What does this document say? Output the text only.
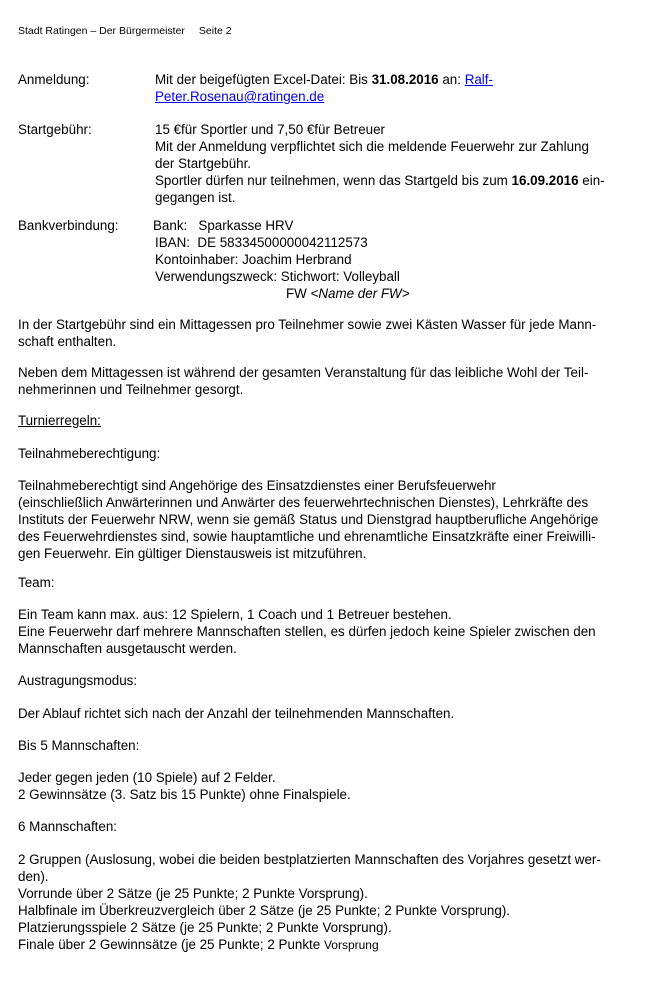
Stadt Ratingen – Der Bürgermeister Seite 2
Anmeldung:	Mit der beigefügten Excel-Datei: Bis 31.08.2016 an: Ralf-
Peter.Rosenau@ratingen.de
Startgebühr:	15 €für Sportler und 7,50 €für Betreuer
Mit der Anmeldung verpflichtet sich die meldende Feuerwehr zur Zahlung
der Startgebühr.
Sportler dürfen nur teilnehmen, wenn das Startgeld bis zum 16.09.2016 ein-
gegangen ist.
Bankverbindung:	Bank:   Sparkasse HRV
IBAN:  DE 58334500000042112573
Kontoinhaber: Joachim Herbrand
Verwendungszweck: Stichwort: Volleyball
FW <Name der FW>
In der Startgebühr sind ein Mittagessen pro Teilnehmer sowie zwei Kästen Wasser für jede Mann-
schaft enthalten.
Neben dem Mittagessen ist während der gesamten Veranstaltung für das leibliche Wohl der Teil-
nehmerinnen und Teilnehmer gesorgt.
Turnierregeln:
Teilnahmeberechtigung:
Teilnahmeberechtigt sind Angehörige des Einsatzdienstes einer Berufsfeuerwehr
(einschließlich Anwärterinnen und Anwärter des feuerwehrtechnischen Dienstes), Lehrkräfte des
Instituts der Feuerwehr NRW, wenn sie gemäß Status und Dienstgrad hauptberufliche Angehörige
des Feuerwehrdienstes sind, sowie hauptamtliche und ehrenamtliche Einsatzkräfte einer Freiwilli-
gen Feuerwehr. Ein gültiger Dienstausweis ist mitzuführen.
Team:
Ein Team kann max. aus: 12 Spielern, 1 Coach und 1 Betreuer bestehen.
Eine Feuerwehr darf mehrere Mannschaften stellen, es dürfen jedoch keine Spieler zwischen den
Mannschaften ausgetauscht werden.
Austragungsmodus:
Der Ablauf richtet sich nach der Anzahl der teilnehmenden Mannschaften.
Bis 5 Mannschaften:
Jeder gegen jeden (10 Spiele) auf 2 Felder.
2 Gewinnsätze (3. Satz bis 15 Punkte) ohne Finalspiele.
6 Mannschaften:
2 Gruppen (Auslosung, wobei die beiden bestplatzierten Mannschaften des Vorjahres gesetzt wer-
den).
Vorrunde über 2 Sätze (je 25 Punkte; 2 Punkte Vorsprung).
Halbfinale im Überkreuzvergleich über 2 Sätze (je 25 Punkte; 2 Punkte Vorsprung).
Platzierungsspiele 2 Sätze (je 25 Punkte; 2 Punkte Vorsprung).
Finale über 2 Gewinnsätze (je 25 Punkte; 2 Punkte Vorsprung
